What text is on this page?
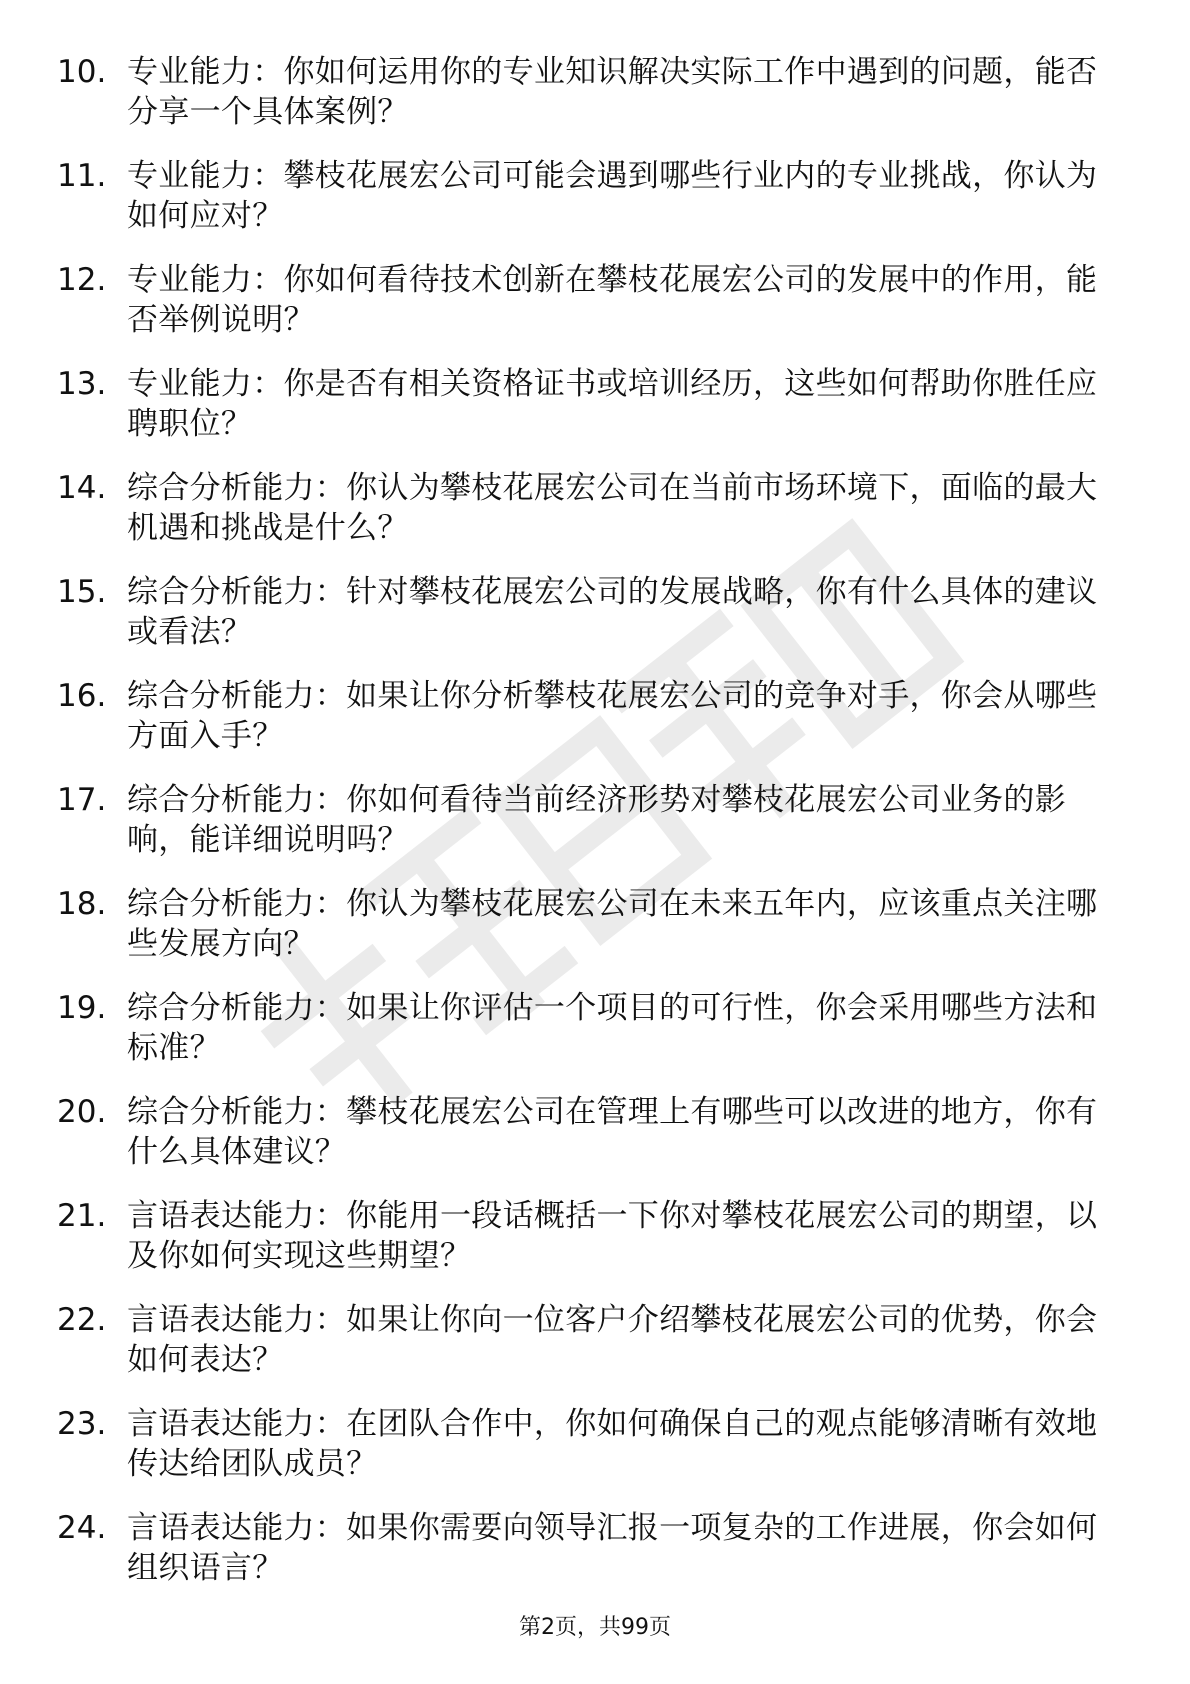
10. 专业能力：你如何运用你的专业知识解决实际工作中遇到的问题，能否分享一个具体案例？
11. 专业能力：攀枝花展宏公司可能会遇到哪些行业内的专业挑战，你认为如何应对？
12. 专业能力：你如何看待技术创新在攀枝花展宏公司的发展中的作用，能否举例说明？
13. 专业能力：你是否有相关资格证书或培训经历，这些如何帮助你胜任应聘职位？
14. 综合分析能力：你认为攀枝花展宏公司在当前市场环境下，面临的最大机遇和挑战是什么？
15. 综合分析能力：针对攀枝花展宏公司的发展战略，你有什么具体的建议或看法？
16. 综合分析能力：如果让你分析攀枝花展宏公司的竞争对手，你会从哪些方面入手？
17. 综合分析能力：你如何看待当前经济形势对攀枝花展宏公司业务的影响，能详细说明吗？
18. 综合分析能力：你认为攀枝花展宏公司在未来五年内，应该重点关注哪些发展方向？
19. 综合分析能力：如果让你评估一个项目的可行性，你会采用哪些方法和标准？
20. 综合分析能力：攀枝花展宏公司在管理上有哪些可以改进的地方，你有什么具体建议？
21. 言语表达能力：你能用一段话概括一下你对攀枝花展宏公司的期望，以及你如何实现这些期望？
22. 言语表达能力：如果让你向一位客户介绍攀枝花展宏公司的优势，你会如何表达？
23. 言语表达能力：在团队合作中，你如何确保自己的观点能够清晰有效地传达给团队成员？
24. 言语表达能力：如果你需要向领导汇报一项复杂的工作进展，你会如何组织语言？
第2页，共99页
